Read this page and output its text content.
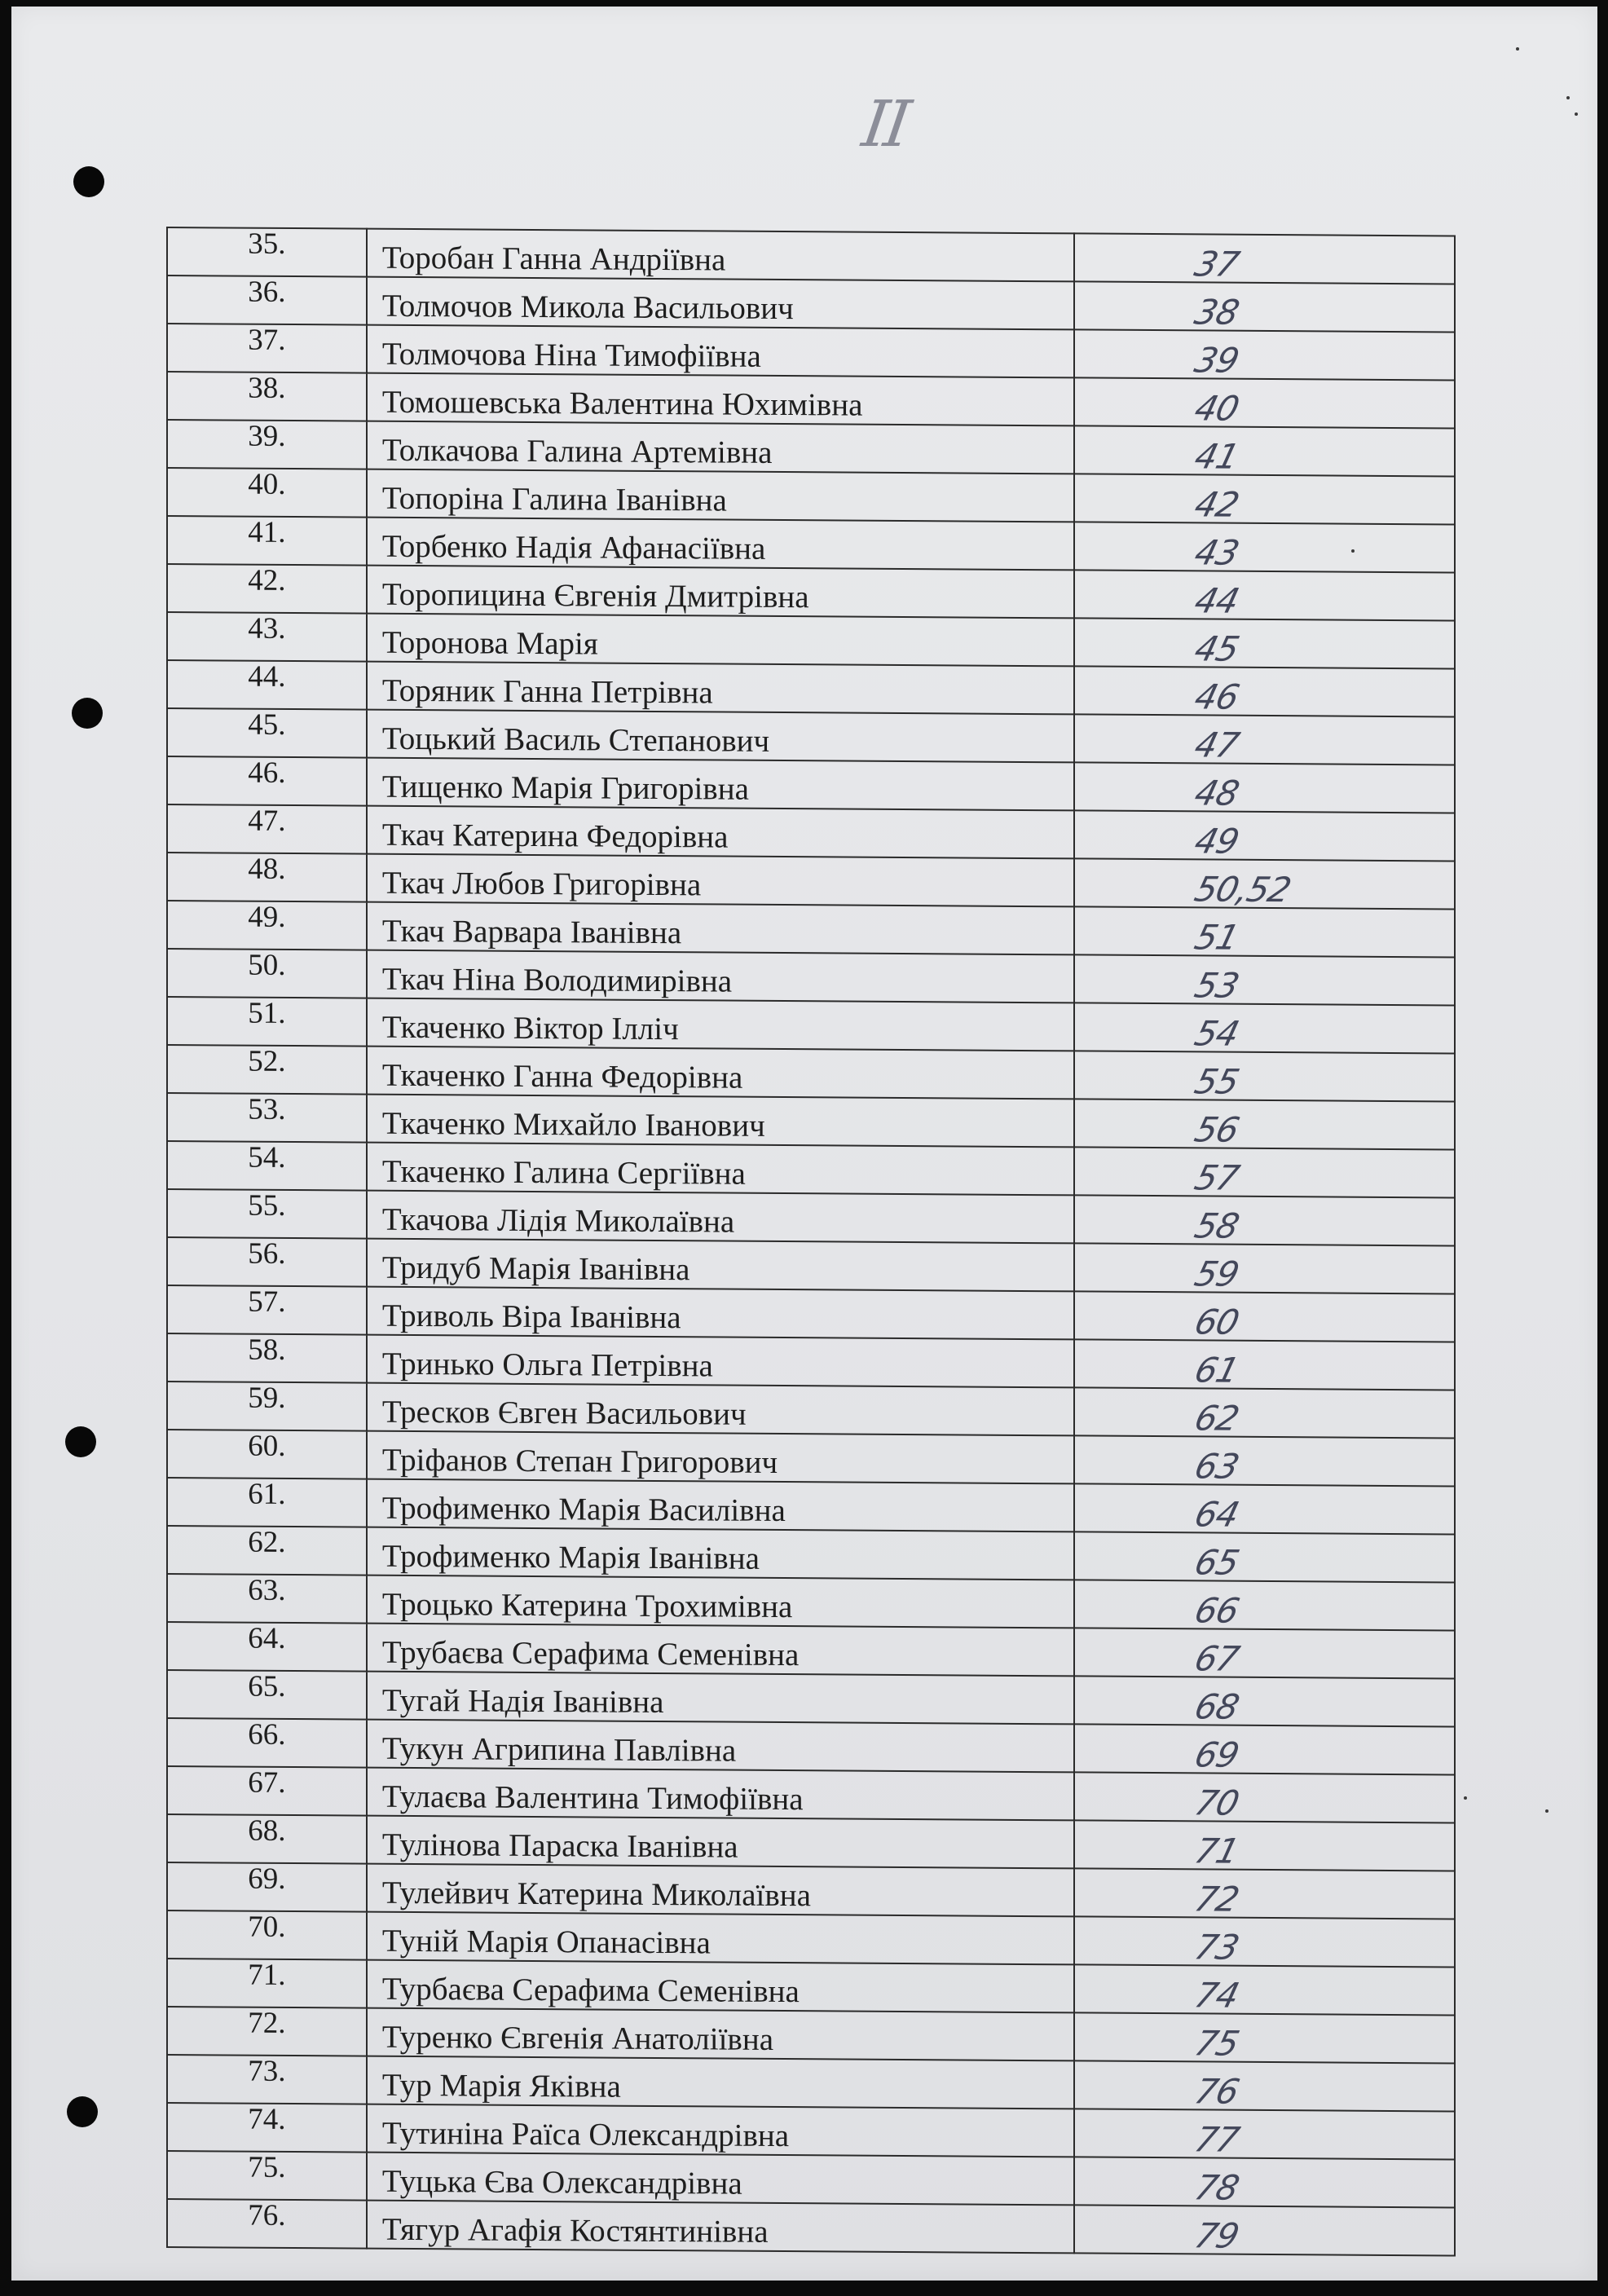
II
35.	Торобан Ганна Андріївна	37

36.	Толмочов Микола Васильович	38

37.	Толмочова Ніна Тимофіївна	39

38.	Томошевська Валентина Юхимівна	40

39.	Толкачова Галина Артемівна	41

40.	Топоріна Галина Іванівна	42

41.	Торбенко Надія Афанасіївна	43

42.	Торопицина Євгенія Дмитрівна	44

43.	Торонова Марія	45

44.	Торяник Ганна Петрівна	46

45.	Тоцький Василь Степанович	47

46.	Тищенко Марія Григорівна	48

47.	Ткач Катерина Федорівна	49

48.	Ткач Любов Григорівна	50,52

49.	Ткач Варвара Іванівна	51

50.	Ткач Ніна Володимирівна	53

51.	Ткаченко Віктор Ілліч	54

52.	Ткаченко Ганна Федорівна	55

53.	Ткаченко Михайло Іванович	56

54.	Ткаченко Галина Сергіївна	57

55.	Ткачова Лідія Миколаївна	58

56.	Тридуб Марія Іванівна	59

57.	Триволь Віра Іванівна	60

58.	Тринько Ольга Петрівна	61

59.	Тресков Євген Васильович	62

60.	Тріфанов Степан Григорович	63

61.	Трофименко Марія Василівна	64

62.	Трофименко Марія Іванівна	65

63.	Троцько Катерина Трохимівна	66

64.	Трубаєва Серафима Семенівна	67

65.	Тугай Надія Іванівна	68

66.	Тукун Агрипина Павлівна	69

67.	Тулаєва Валентина Тимофіївна	70

68.	Тулінова Параска Іванівна	71

69.	Тулейвич Катерина Миколаївна	72

70.	Туній Марія Опанасівна	73

71.	Турбаєва Серафима Семенівна	74

72.	Туренко Євгенія Анатоліївна	75

73.	Тур Марія Яківна	76

74.	Тутиніна Раїса Олександрівна	77

75.	Туцька Єва Олександрівна	78

76.	Тягур Агафія Костянтинівна	79
